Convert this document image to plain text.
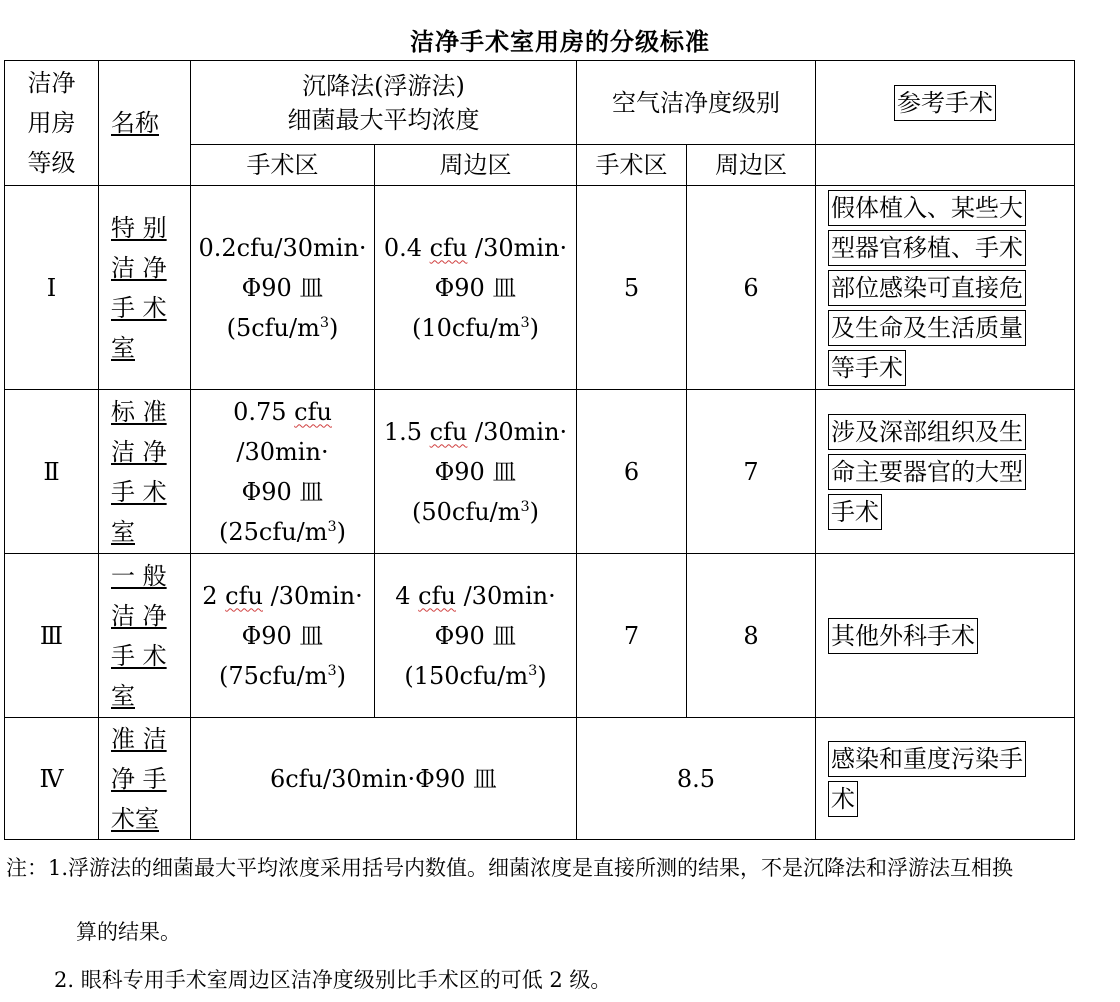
洁净手术室用房的分级标准
洁净
用房
等级	名称	沉降法(浮游法)
细菌最大平均浓度		空气洁净度级别		参考手术
		手术区	周边区	手术区	周边区	
Ⅰ	特 别
洁 净
手 术
室	0.2cfu/30min·
Φ90 皿
$(5cfu/m^3)$	0.4 cfu /30min·
Φ90 皿
$(10cfu/m^3)$	5	6	假体植入、某些大
型器官移植、手术
部位感染可直接危
及生命及生活质量
等手术
Ⅱ	标 准
洁 净
手 术
室	0.75 cfu
/30min·
Φ90 皿
$(25cfu/m^3)$	1.5 cfu /30min·
Φ90 皿
$(50cfu/m^3)$	6	7	涉及深部组织及生
命主要器官的大型
手术
Ⅲ	一 般
洁 净
手 术
室	2 cfu /30min·
Φ90 皿
$(75cfu/m^3)$	4 cfu /30min·
Φ90 皿
$(150cfu/m^3)$	7	8	其他外科手术
Ⅳ	准 洁
净 手
术室	6cfu/30min·Φ90 皿		8.5		感染和重度污染手
术
注：1.浮游法的细菌最大平均浓度采用括号内数值。细菌浓度是直接所测的结果，不是沉降法和浮游法互相换
算的结果。
2. 眼科专用手术室周边区洁净度级别比手术区的可低 2 级。
